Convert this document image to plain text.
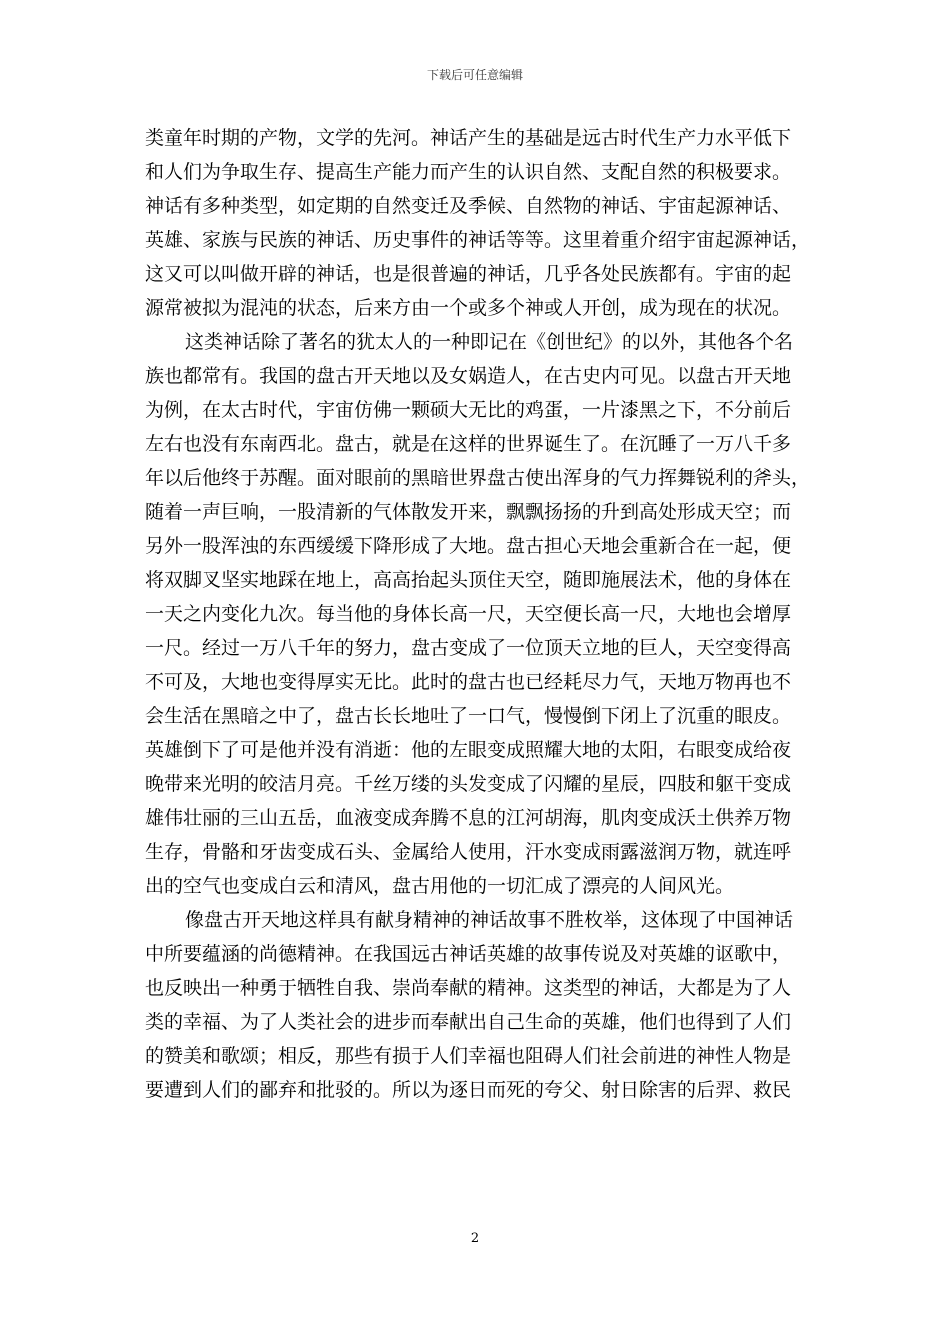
下载后可任意编辑
类童年时期的产物，文学的先河。神话产生的基础是远古时代生产力水平低下
和人们为争取生存、提高生产能力而产生的认识自然、支配自然的积极要求。
神话有多种类型，如定期的自然变迁及季候、自然物的神话、宇宙起源神话、
英雄、家族与民族的神话、历史事件的神话等等。这里着重介绍宇宙起源神话，
这又可以叫做开辟的神话，也是很普遍的神话，几乎各处民族都有。宇宙的起
源常被拟为混沌的状态，后来方由一个或多个神或人开创，成为现在的状况。
这类神话除了著名的犹太人的一种即记在《创世纪》的以外，其他各个名
族也都常有。我国的盘古开天地以及女娲造人，在古史内可见。以盘古开天地
为例，在太古时代，宇宙仿佛一颗硕大无比的鸡蛋，一片漆黑之下，不分前后
左右也没有东南西北。盘古，就是在这样的世界诞生了。在沉睡了一万八千多
年以后他终于苏醒。面对眼前的黑暗世界盘古使出浑身的气力挥舞锐利的斧头，
随着一声巨响，一股清新的气体散发开来，飘飘扬扬的升到高处形成天空；而
另外一股浑浊的东西缓缓下降形成了大地。盘古担心天地会重新合在一起，便
将双脚叉坚实地踩在地上，高高抬起头顶住天空，随即施展法术，他的身体在
一天之内变化九次。每当他的身体长高一尺，天空便长高一尺，大地也会增厚
一尺。经过一万八千年的努力，盘古变成了一位顶天立地的巨人，天空变得高
不可及，大地也变得厚实无比。此时的盘古也已经耗尽力气，天地万物再也不
会生活在黑暗之中了，盘古长长地吐了一口气，慢慢倒下闭上了沉重的眼皮。
英雄倒下了可是他并没有消逝：他的左眼变成照耀大地的太阳，右眼变成给夜
晚带来光明的皎洁月亮。千丝万缕的头发变成了闪耀的星辰，四肢和躯干变成
雄伟壮丽的三山五岳，血液变成奔腾不息的江河胡海，肌肉变成沃土供养万物
生存，骨骼和牙齿变成石头、金属给人使用，汗水变成雨露滋润万物，就连呼
出的空气也变成白云和清风，盘古用他的一切汇成了漂亮的人间风光。
像盘古开天地这样具有献身精神的神话故事不胜枚举，这体现了中国神话
中所要蕴涵的尚德精神。在我国远古神话英雄的故事传说及对英雄的讴歌中，
也反映出一种勇于牺牲自我、崇尚奉献的精神。这类型的神话，大都是为了人
类的幸福、为了人类社会的进步而奉献出自己生命的英雄，他们也得到了人们
的赞美和歌颂；相反，那些有损于人们幸福也阻碍人们社会前进的神性人物是
要遭到人们的鄙弃和批驳的。所以为逐日而死的夸父、射日除害的后羿、救民
2
